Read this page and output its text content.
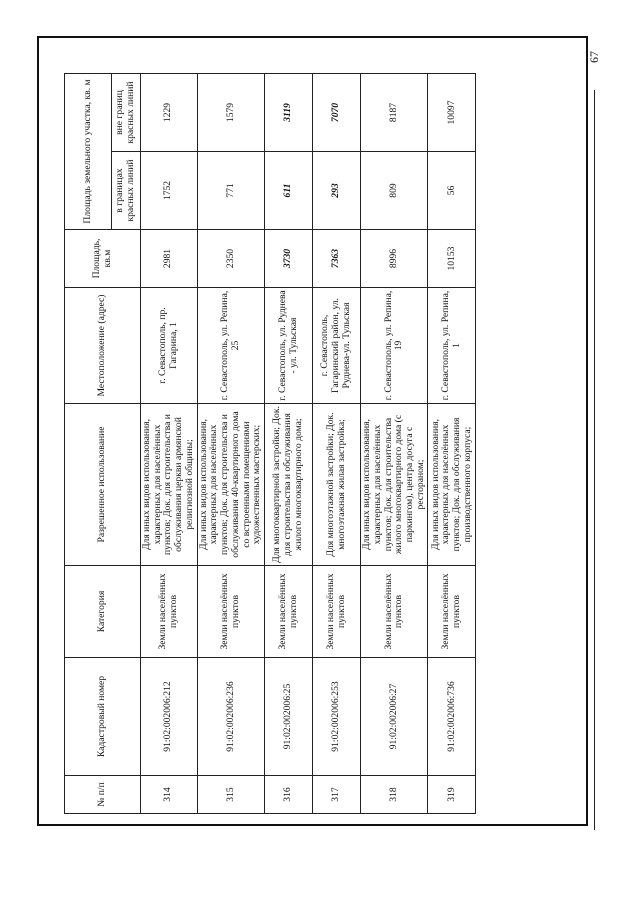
67
№ п/п	Кадастровый номер	Категория	Разрешенное использование	Местоположение (адрес)	Площадь, кв.м	Площадь земельного участка, кв. м	
						в границах красных линий	вне границ красных линий
314	91:02:002006:212	Земли населённых пунктов	Для иных видов использования, характерных для населённых пунктов; Док. для строительства и обслуживания церкви армянской религиозной общины;	г. Севастополь, пр. Гагарина, 1	2981	1752	1229
315	91:02:002006:236	Земли населённых пунктов	Для иных видов использования, характерных для населённых пунктов; Док. для строительства и обслуживания 40-квартирного дома со встроенными помещениями художественных мастерских;	г. Севастополь, ул. Репина, 25	2350	771	1579
316	91:02:002006:25	Земли населённых пунктов	Для многоквартирной застройки; Док. для строительства и обслуживания жилого многоквартирного дома;	г. Севастополь, ул. Руднева - ул. Тульская	3730	611	3119
317	91:02:002006:253	Земли населённых пунктов	Для многоэтажной застройки; Док. многоэтажная жилая застройка;	г. Севастополь, Гагаринский район, ул. Руднева-ул. Тульская	7363	293	7070
318	91:02:002006:27	Земли населённых пунктов	Для иных видов использования, характерных для населённых пунктов; Док. для строительства жилого многоквартирного дома (с паркингом), центра досуга с рестораном;	г. Севастополь, ул. Репина, 19	8996	809	8187
319	91:02:002006:736	Земли населённых пунктов	Для иных видов использования, характерных для населённых пунктов; Док. для обслуживания производственного корпуса;	г. Севастополь, ул. Репина, 1	10153	56	10097
